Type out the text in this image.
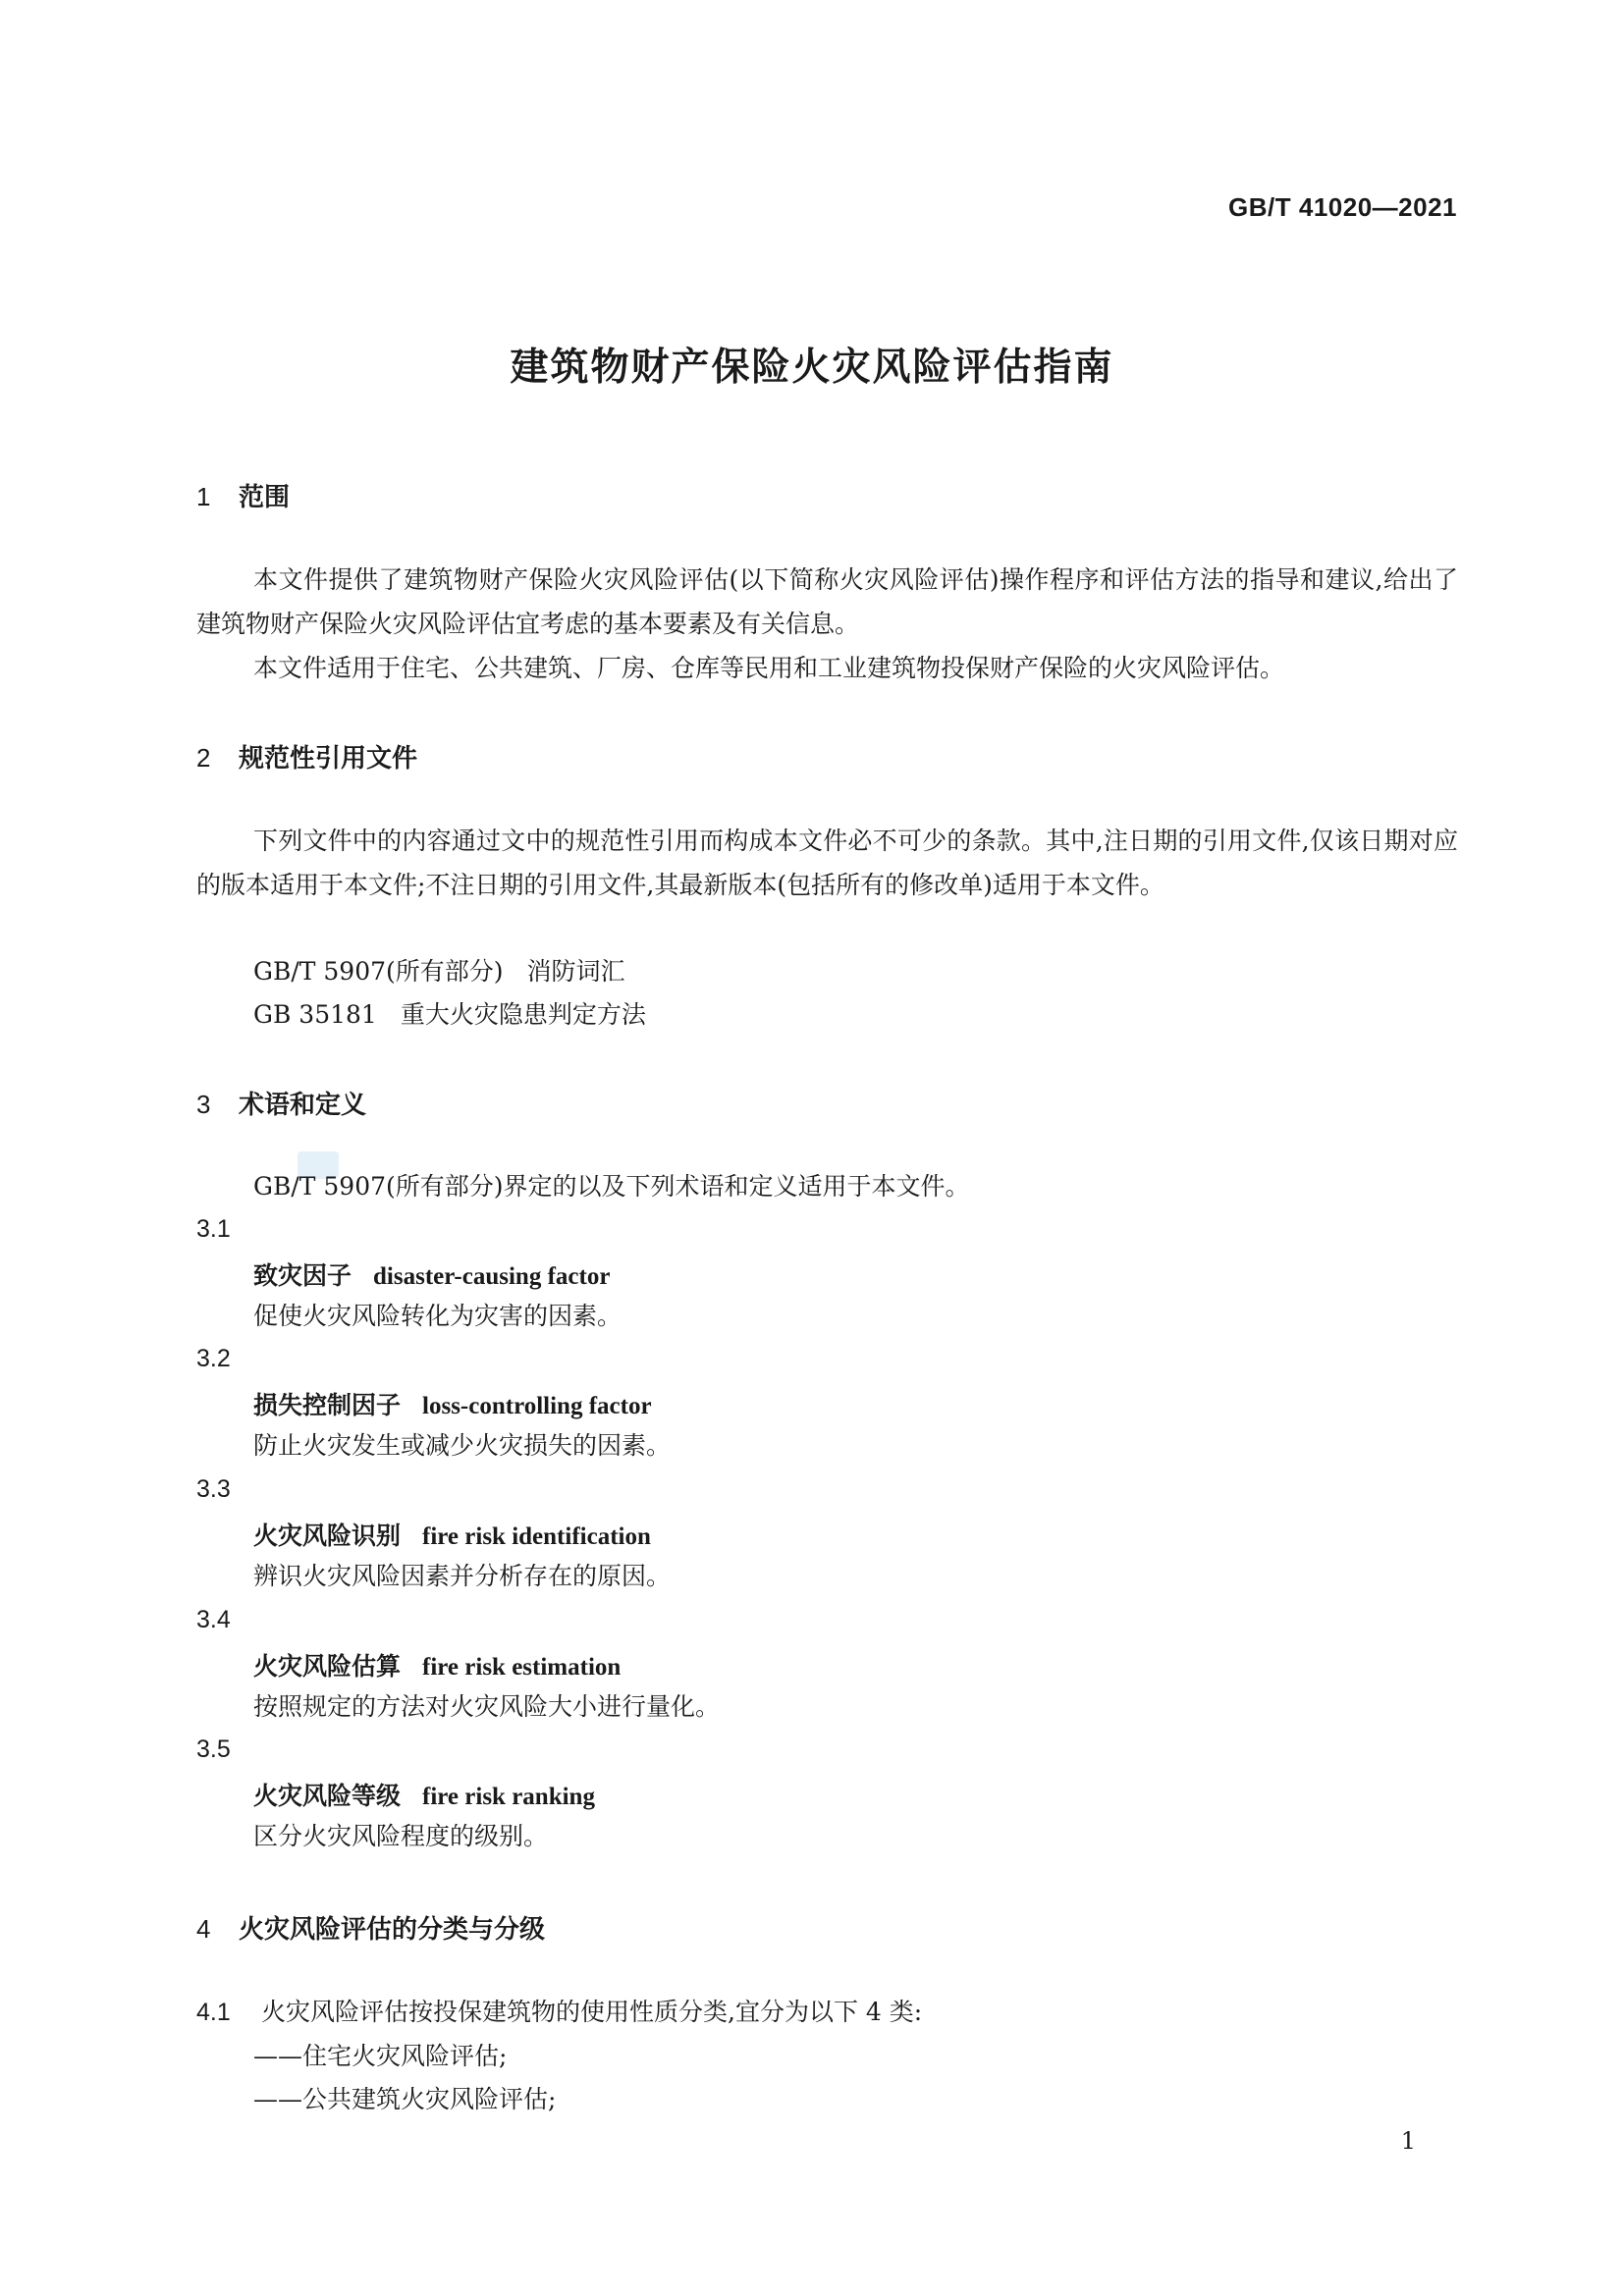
GB/T 41020—2021
建筑物财产保险火灾风险评估指南
1 范围
本文件提供了建筑物财产保险火灾风险评估(以下简称火灾风险评估)操作程序和评估方法的指导和建议,给出了建筑物财产保险火灾风险评估宜考虑的基本要素及有关信息。
本文件适用于住宅、公共建筑、厂房、仓库等民用和工业建筑物投保财产保险的火灾风险评估。
2 规范性引用文件
下列文件中的内容通过文中的规范性引用而构成本文件必不可少的条款。其中,注日期的引用文件,仅该日期对应的版本适用于本文件;不注日期的引用文件,其最新版本(包括所有的修改单)适用于本文件。
GB/T 5907(所有部分) 消防词汇
GB 35181 重大火灾隐患判定方法
3 术语和定义
GB/T 5907(所有部分)界定的以及下列术语和定义适用于本文件。
3.1
致灾因子 disaster-causing factor
促使火灾风险转化为灾害的因素。
3.2
损失控制因子 loss-controlling factor
防止火灾发生或减少火灾损失的因素。
3.3
火灾风险识别 fire risk identification
辨识火灾风险因素并分析存在的原因。
3.4
火灾风险估算 fire risk estimation
按照规定的方法对火灾风险大小进行量化。
3.5
火灾风险等级 fire risk ranking
区分火灾风险程度的级别。
4 火灾风险评估的分类与分级
4.1 火灾风险评估按投保建筑物的使用性质分类,宜分为以下 4 类:
——住宅火灾风险评估;
——公共建筑火灾风险评估;
1
